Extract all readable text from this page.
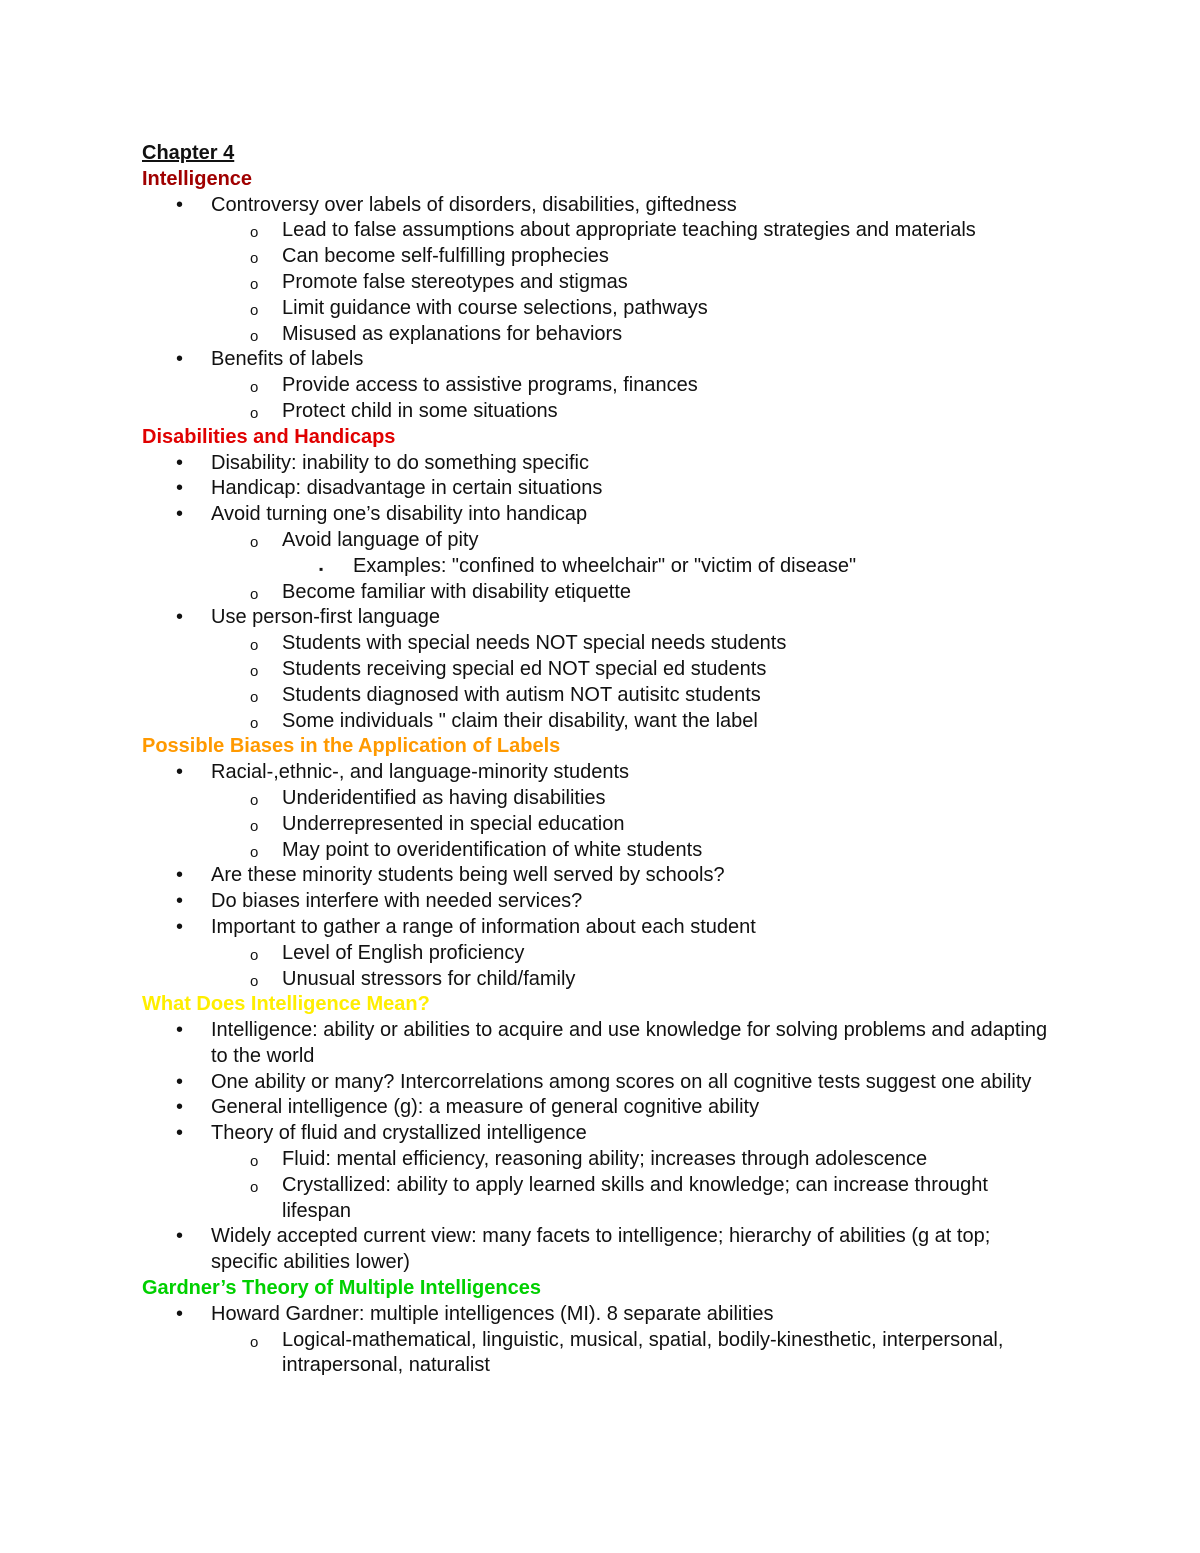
Chapter 4
Intelligence
• Controversy over labels of disorders, disabilities, giftedness
o Lead to false assumptions about appropriate teaching strategies and materials
o Can become self-fulfilling prophecies
o Promote false stereotypes and stigmas
o Limit guidance with course selections, pathways
o Misused as explanations for behaviors
• Benefits of labels
o Provide access to assistive programs, finances
o Protect child in some situations
Disabilities and Handicaps
• Disability: inability to do something specific
• Handicap: disadvantage in certain situations
• Avoid turning one’s disability into handicap
o Avoid language of pity
▪ Examples: "confined to wheelchair" or "victim of disease"
o Become familiar with disability etiquette
• Use person-first language
o Students with special needs NOT special needs students
o Students receiving special ed NOT special ed students
o Students diagnosed with autism NOT autisitc students
o Some individuals " claim their disability, want the label
Possible Biases in the Application of Labels
• Racial-,ethnic-, and language-minority students
o Underidentified as having disabilities
o Underrepresented in special education
o May point to overidentification of white students
• Are these minority students being well served by schools?
• Do biases interfere with needed services?
• Important to gather a range of information about each student
o Level of English proficiency
o Unusual stressors for child/family
What Does Intelligence Mean?
• Intelligence: ability or abilities to acquire and use knowledge for solving problems and adapting to the world
• One ability or many? Intercorrelations among scores on all cognitive tests suggest one ability
• General intelligence (g): a measure of general cognitive ability
• Theory of fluid and crystallized intelligence
o Fluid: mental efficiency, reasoning ability; increases through adolescence
o Crystallized: ability to apply learned skills and knowledge; can increase throught lifespan
• Widely accepted current view: many facets to intelligence; hierarchy of abilities (g at top; specific abilities lower)
Gardner’s Theory of Multiple Intelligences
• Howard Gardner: multiple intelligences (MI). 8 separate abilities
o Logical-mathematical, linguistic, musical, spatial, bodily-kinesthetic, interpersonal, intrapersonal, naturalist
